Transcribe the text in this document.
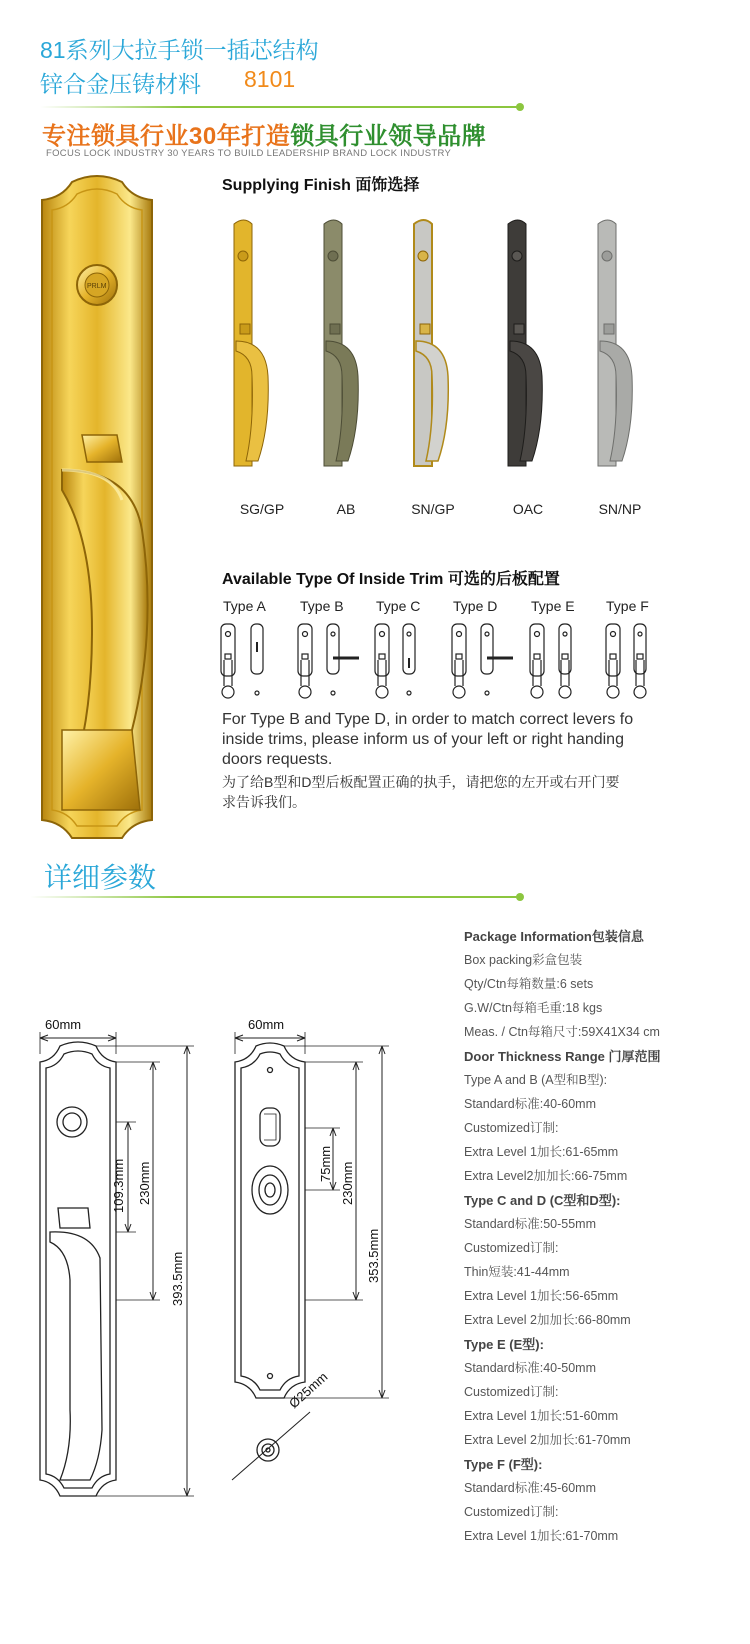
81系列大拉手锁一插芯结构
锌合金压铸材料 8101
专注锁具行业30年打造锁具行业领导品牌
FOCUS LOCK INDUSTRY 30 YEARS TO BUILD LEADERSHIP BRAND LOCK INDUSTRY
PRLM
Supplying Finish 面饰选择
SG/GP	AB	SN/GP	OAC	SN/NP
Available Type Of Inside Trim 可选的后板配置
Type A Type B Type C Type D Type E Type F
For Type B and Type D, in order to match correct levers fo
inside trims, please inform us of your left or right handing
doors requests.
为了给B型和D型后板配置正确的执手，请把您的左开或右开门要
求告诉我们。
详细参数
60mm
109.3mm 230mm
393.5mm
60mm
75mm 230mm
353.5mm
Ø25mm
Package Information包装信息
Box packing彩盒包装
Qty/Ctn每箱数量:6 sets
G.W/Ctn每箱毛重:18 kgs
Meas. / Ctn每箱尺寸:59X41X34 cm
Door Thickness Range 门厚范围
Type A and B (A型和B型):
Standard标准:40-60mm
Customized订制:
Extra Level 1加长:61-65mm
Extra Level2加加长:66-75mm
Type C and D (C型和D型):
Standard标准:50-55mm
Customized订制:
Thin短装:41-44mm
Extra Level 1加长:56-65mm
Extra Level 2加加长:66-80mm
Type E (E型):
Standard标准:40-50mm
Customized订制:
Extra Level 1加长:51-60mm
Extra Level 2加加长:61-70mm
Type F (F型):
Standard标准:45-60mm
Customized订制:
Extra Level 1加长:61-70mm
